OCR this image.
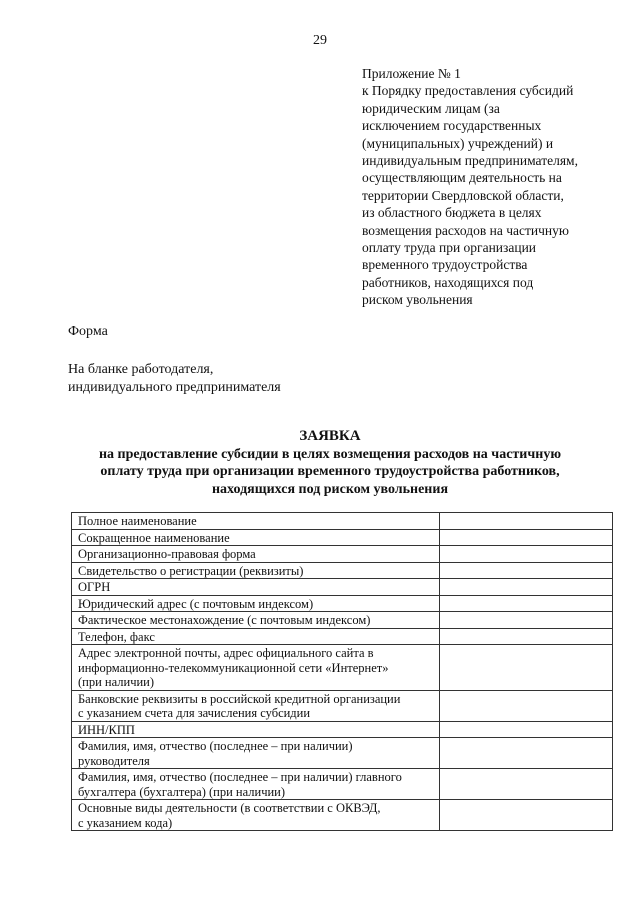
29
Приложение № 1
к Порядку предоставления субсидий
юридическим лицам (за
исключением государственных
(муниципальных) учреждений) и
индивидуальным предпринимателям,
осуществляющим деятельность на
территории Свердловской области,
из областного бюджета в целях
возмещения расходов на частичную
оплату труда при организации
временного трудоустройства
работников, находящихся под
риском увольнения
Форма
На бланке работодателя,
индивидуального предпринимателя
ЗАЯВКА
на предоставление субсидии в целях возмещения расходов на частичную
оплату труда при организации временного трудоустройства работников,
находящихся под риском увольнения
Полное наименование	

Сокращенное наименование	

Организационно-правовая форма	

Свидетельство о регистрации (реквизиты)	

ОГРН	

Юридический адрес (с почтовым индексом)	

Фактическое местонахождение (с почтовым индексом)	

Телефон, факс	

Адрес электронной почты, адрес официального сайта в
информационно-телекоммуникационной сети «Интернет»
(при наличии)	

Банковские реквизиты в российской кредитной организации
с указанием счета для зачисления субсидии	

ИНН/КПП	

Фамилия, имя, отчество (последнее – при наличии)
руководителя	

Фамилия, имя, отчество (последнее – при наличии) главного
бухгалтера (бухгалтера) (при наличии)	

Основные виды деятельности (в соответствии с ОКВЭД,
с указанием кода)	
